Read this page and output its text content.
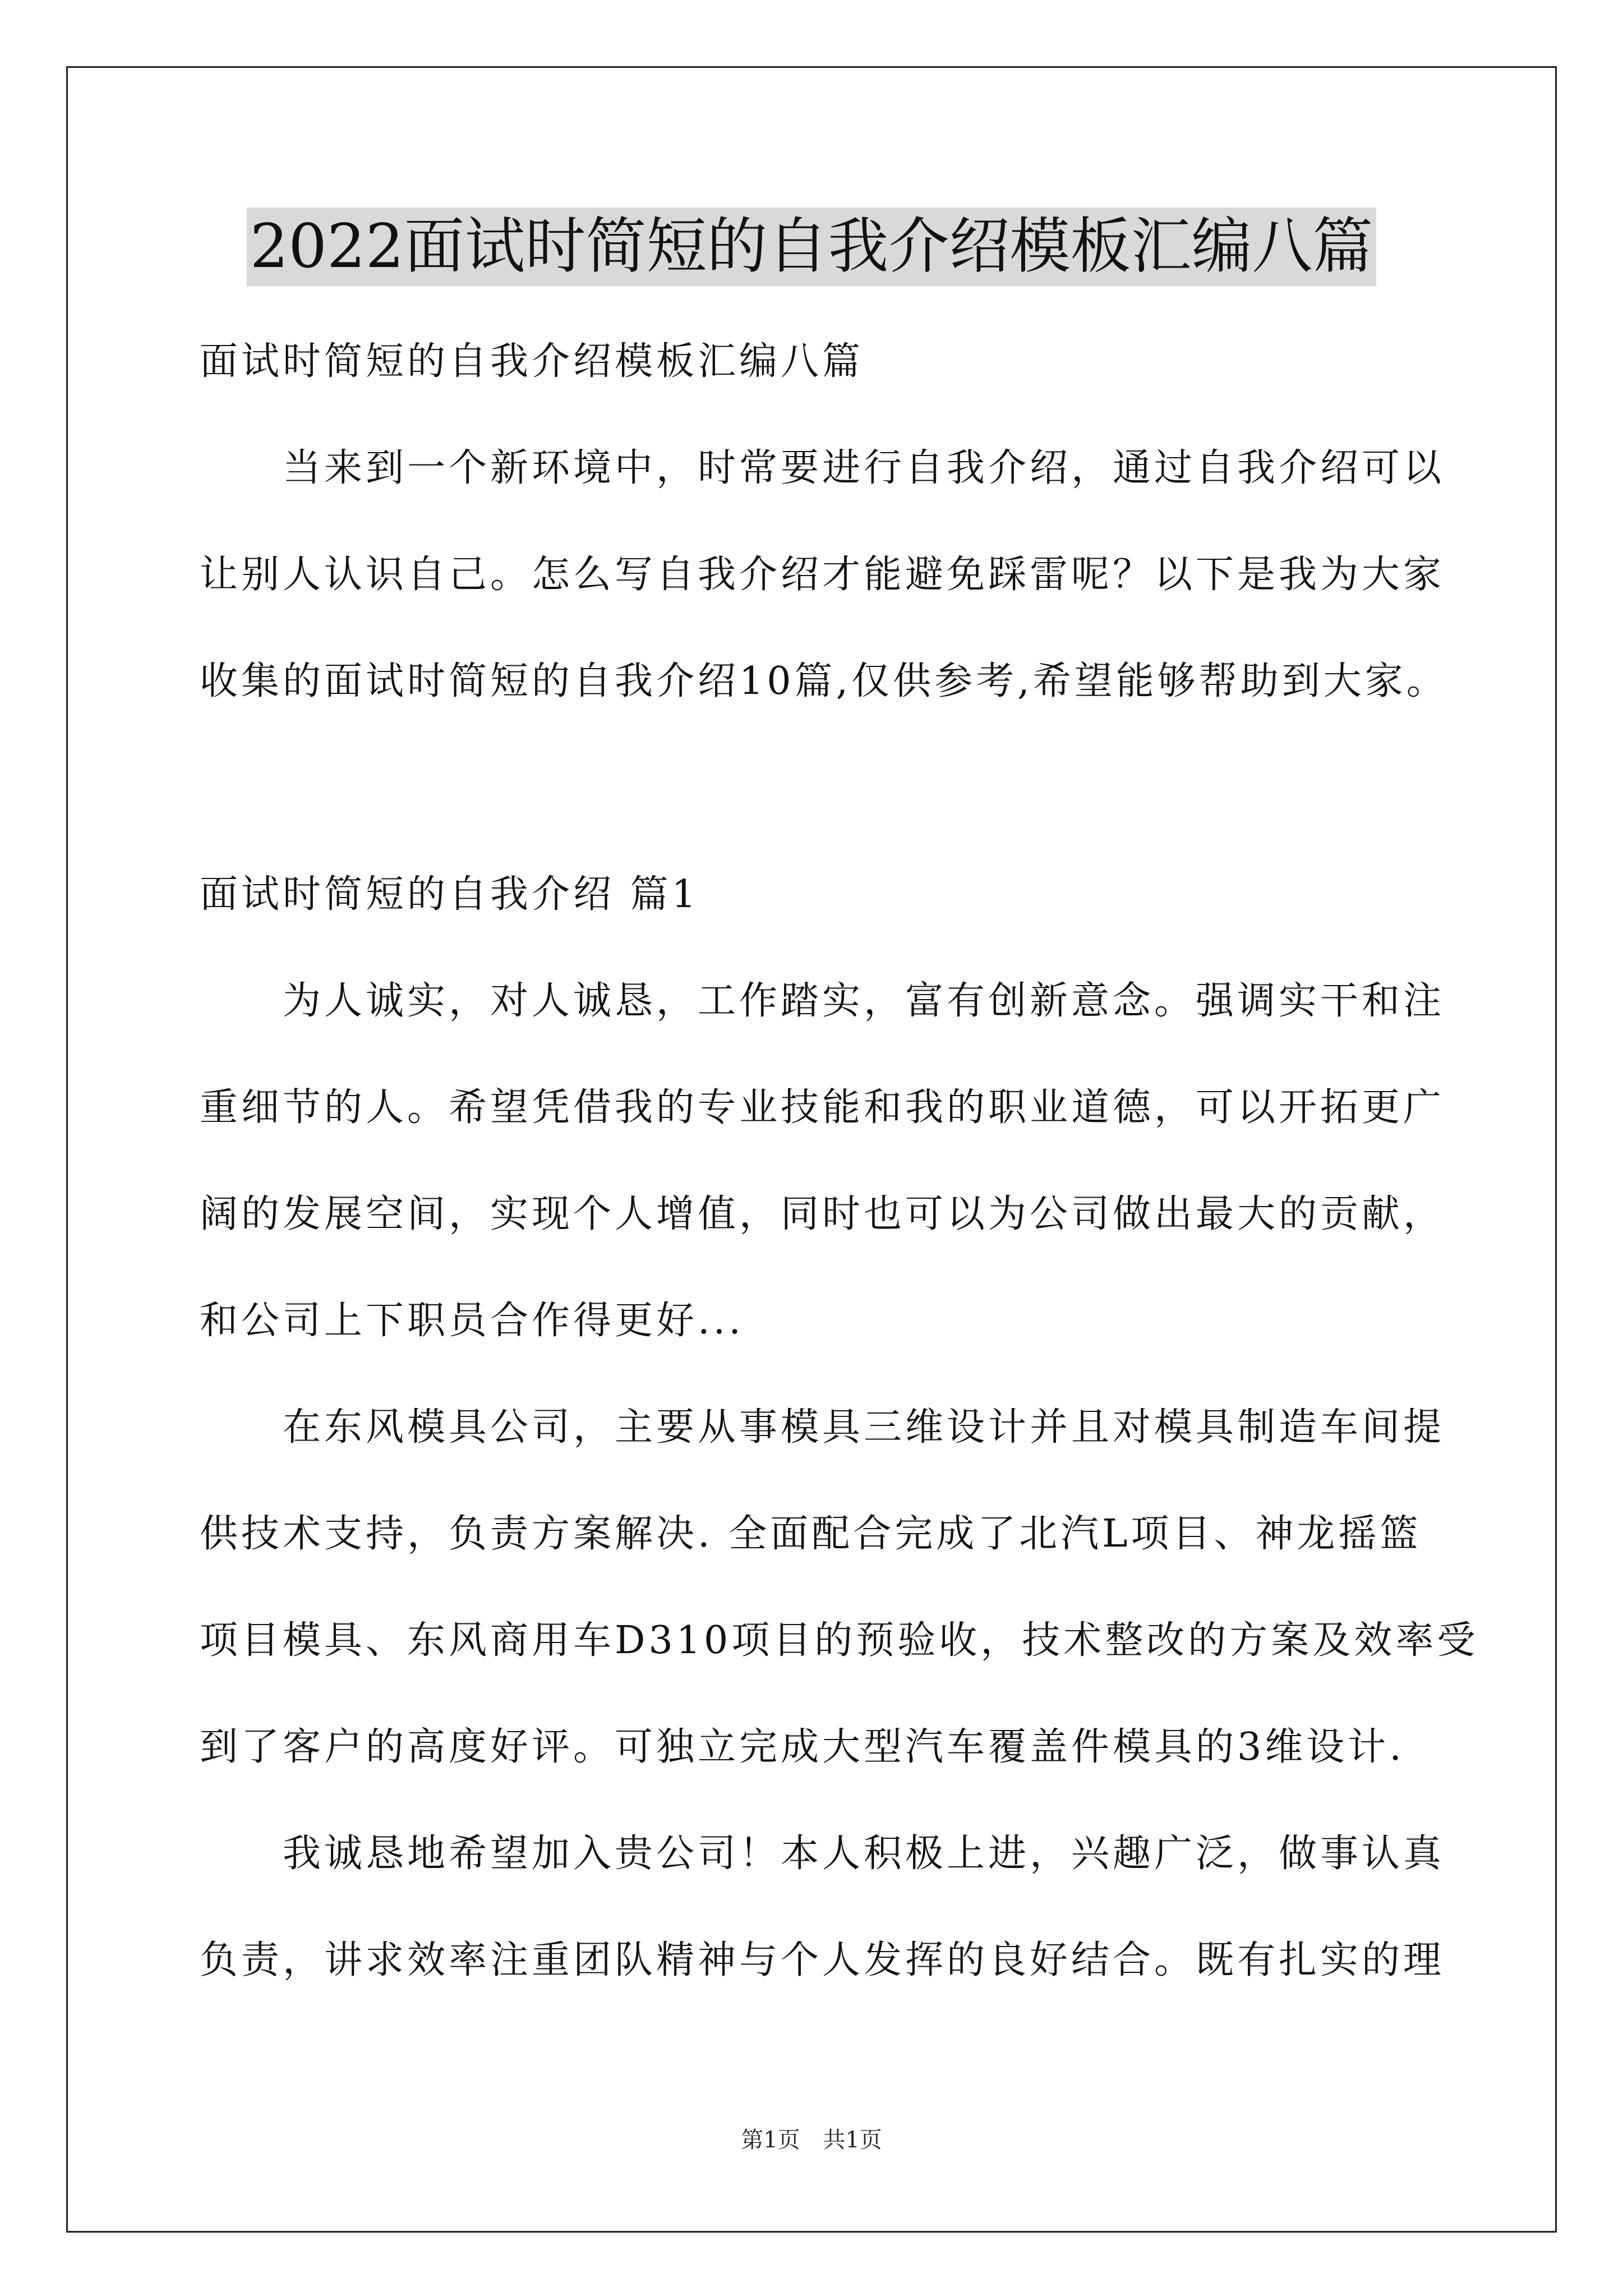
2022面试时简短的自我介绍模板汇编八篇
面试时简短的自我介绍模板汇编八篇
当来到一个新环境中，时常要进行自我介绍，通过自我介绍可以
让别人认识自己。怎么写自我介绍才能避免踩雷呢？以下是我为大家
收集的面试时简短的自我介绍10篇,仅供参考,希望能够帮助到大家。
面试时简短的自我介绍 篇1
为人诚实，对人诚恳，工作踏实，富有创新意念。强调实干和注
重细节的人。希望凭借我的专业技能和我的职业道德，可以开拓更广
阔的发展空间，实现个人增值，同时也可以为公司做出最大的贡献，
和公司上下职员合作得更好...
在东风模具公司，主要从事模具三维设计并且对模具制造车间提
供技术支持，负责方案解决. 全面配合完成了北汽L项目、神龙摇篮
项目模具、东风商用车D310项目的预验收，技术整改的方案及效率受
到了客户的高度好评。可独立完成大型汽车覆盖件模具的3维设计.
我诚恳地希望加入贵公司！本人积极上进，兴趣广泛，做事认真
负责，讲求效率注重团队精神与个人发挥的良好结合。既有扎实的理
第1页 共1页
